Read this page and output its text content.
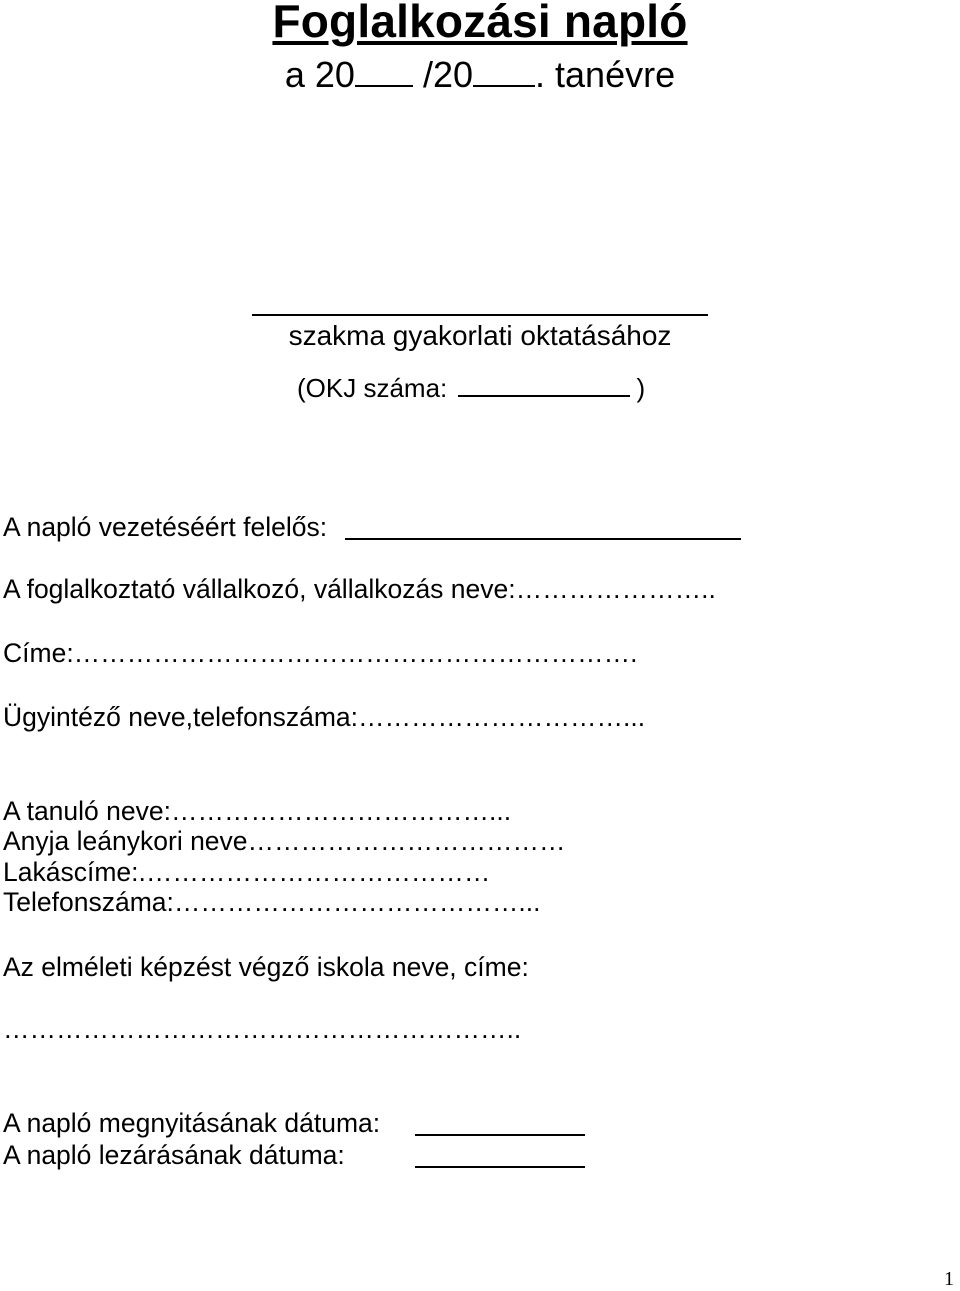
Foglalkozási napló
a 20 /20 . tanévre
szakma gyakorlati oktatásához
(OKJ száma:	)
A napló vezetéséért felelős:
A foglalkoztató vállalkozó, vállalkozás neve:…………………..
Címe:……………………………………………………….
Ügyintéző neve,telefonszáma:…………………………...
A tanuló neve:………………………………...
Anyja leánykori neve………………………………
Lakáscíme:.…………………………………
Telefonszáma:…………………………………...
Az elméleti képzést végző iskola neve, címe:
…………………………………………………..
A napló megnyitásának dátuma:
A napló lezárásának dátuma:
1
